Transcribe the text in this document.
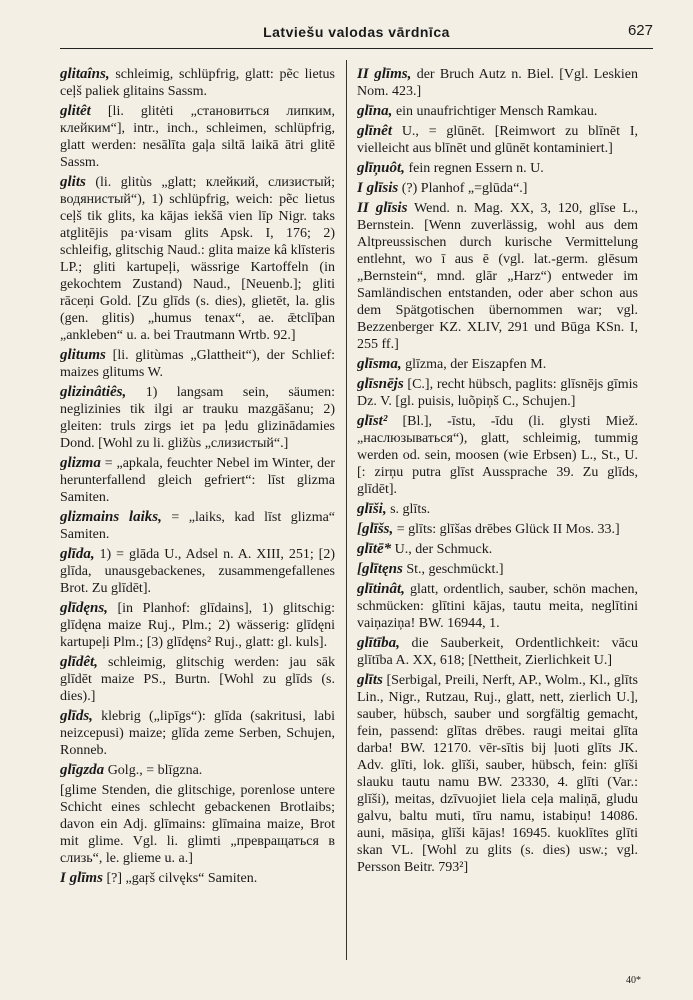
Latviešu valodas vārdnīca	627

glitaîns, schleimig, schlüpfrig, glatt: pẽc lietus ceļš paliek glitains Sassm.

glitêt [li. glitėti „становиться липким, клейким“], intr., inch., schleimen, schlüpfrig, glatt werden: nesālīta gaļa siltā laikā ātri glitē Sassm.

glits (li. glitùs „glatt; клейкий, слизистый; водянистый“), 1) schlüpfrig, weich: pẽc lietus ceļš tik glits, ka kājas iekšā vien līp Nigr. taks atglitējis pa·visam glits Apsk. I, 176; 2) schleifig, glitschig Naud.: glita maize kâ klīsteris LP.; gliti kartupeļi, wässrige Kartoffeln (in gekochtem Zustand) Naud., [Neuenb.]; gliti rāceņi Gold. [Zu glīds (s. dies), glietēt, la. glis (gen. glitis) „humus tenax“, ae. ǣtclīþan „ankleben“ u. a. bei Trautmann Wrtb. 92.]

glitums [li. glitùmas „Glattheit“), der Schlief: maizes glitums W.

glizinâtiês, 1) langsam sein, säumen: neglizinies tik ilgi ar trauku mazgāšanu; 2) gleiten: truls zirgs iet pa ļedu glizinādamies Dond. [Wohl zu li. gližùs „слизистый“.]

glizma = „apkala, feuchter Nebel im Winter, der herunterfallend gleich gefriert“: līst glizma Samiten.

glizmains laiks, = „laiks, kad līst glizma“ Samiten.

glīda, 1) = glāda U., Adsel n. A. XIII, 251; [2) glīda, unausgebackenes, zusammengefallenes Brot. Zu glīdēt].

glīdęns, [in Planhof: glīdains], 1) glitschig: glīdęna maize Ruj., Plm.; 2) wässerig: glīdęni kartupeļi Plm.; [3) glīdęns² Ruj., glatt: gl. kuls].

glīdêt, schleimig, glitschig werden: jau sāk glīdēt maize PS., Burtn. [Wohl zu glīds (s. dies).]

glīds, klebrig („lipīgs“): glīda (sakritusi, labi neizcepusi) maize; glīda zeme Serben, Schujen, Ronneb.

glīgzda Golg., = blīgzna.

[glime Stenden, die glitschige, porenlose untere Schicht eines schlecht gebackenen Brotlaibs; davon ein Adj. glīmains: glīmaina maize, Brot mit glime. Vgl. li. glimti „превращаться в слизь“, le. glieme u. a.]

I glīms [?] „gaŗš cilvęks“ Samiten.

II glīms, der Bruch Autz n. Biel. [Vgl. Leskien Nom. 423.]

glīna, ein unaufrichtiger Mensch Ramkau.

glīnêt U., = glūnēt. [Reimwort zu blīnēt I, vielleicht aus blīnēt und glūnēt kontaminiert.]

glīņuôt, fein regnen Essern n. U.

I glīsis (?) Planhof „=glūda“.]

II glīsis Wend. n. Mag. XX, 3, 120, glīse L., Bernstein. [Wenn zuverlässig, wohl aus dem Altpreussischen durch kurische Vermittelung entlehnt, wo ī aus ē (vgl. lat.-germ. glēsum „Bernstein“, mnd. glār „Harz“) entweder im Samländischen entstanden, oder aber schon aus dem Spätgotischen übernommen war; vgl. Bezzenberger KZ. XLIV, 291 und Būga KSn. I, 255 ff.]

glīsma, glīzma, der Eiszapfen M.

glīsnējs [C.], recht hübsch, paglits: glīsnējs gīmis Dz. V. [gl. puisis, luõpiņš C., Schujen.]

glīst² [Bl.], -īstu, -īdu (li. glysti Miež. „наслюзываться“), glatt, schleimig, tummig werden od. sein, moosen (wie Erbsen) L., St., U. [: zirņu putra glīst Aussprache 39. Zu glīds, glīdēt].

glīši, s. glīts.

[glīšs, = glīts: glīšas drēbes Glück II Mos. 33.]

glītē* U., der Schmuck.

[glītęns St., geschmückt.]

glītinât, glatt, ordentlich, sauber, schön machen, schmücken: glītini kājas, tautu meita, neglītini vaiņaziņa! BW. 16944, 1.

glītība, die Sauberkeit, Ordentlichkeit: vācu glītība A. XX, 618; [Nettheit, Zierlichkeit U.]

glīts [Serbigal, Preili, Nerft, AP., Wolm., Kl., glīts Lin., Nigr., Rutzau, Ruj., glatt, nett, zierlich U.], sauber, hübsch, sauber und sorgfältig gemacht, fein, passend: glītas drēbes. raugi meitai glīta darba! BW. 12170. vēr-sītis bij ļuoti glīts JK. Adv. glīti, lok. glīši, sauber, hübsch, fein: glīši slauku tautu namu BW. 23330, 4. glīti (Var.: glīši), meitas, dzīvuojiet liela ceļa maliņā, gludu galvu, baltu muti, tīru namu, istabiņu! 14086. auni, māsiņa, glīši kājas! 16945. kuoklītes glīti skan VL. [Wohl zu glits (s. dies) usw.; vgl. Persson Beitr. 793²]

40*
